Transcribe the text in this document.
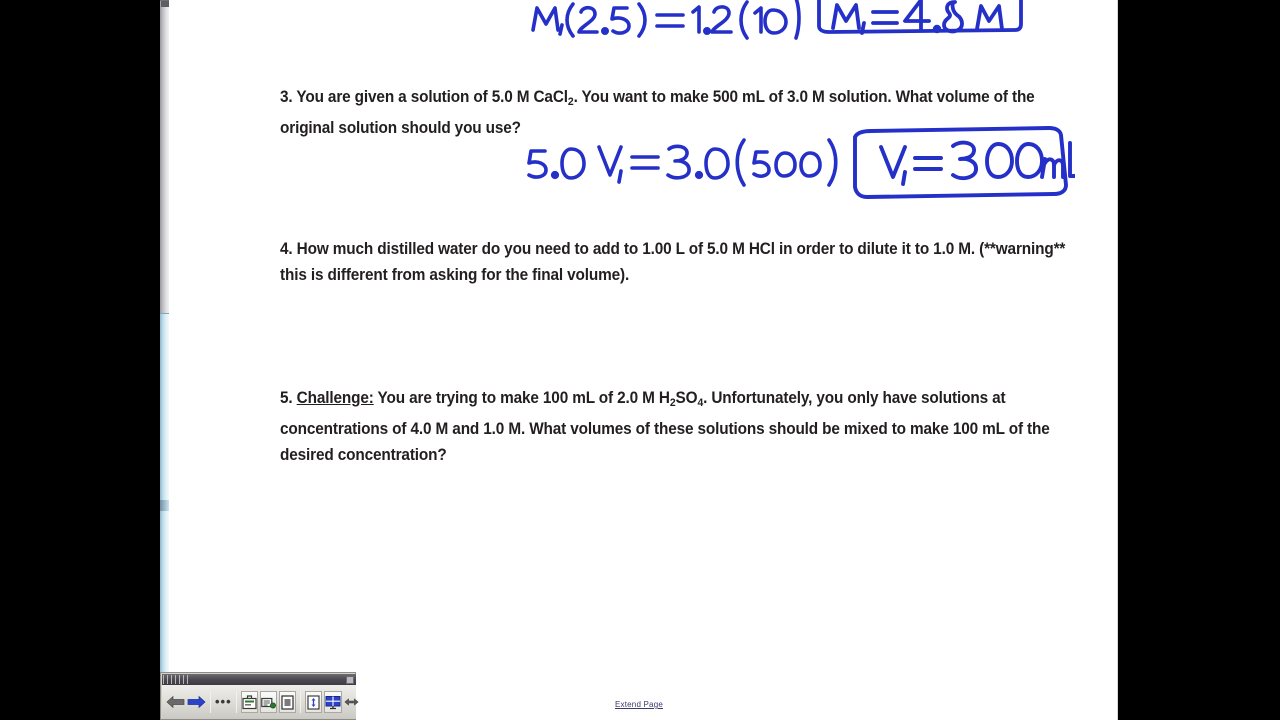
3. You are given a solution of 5.0 M CaCl$_2$. You want to make 500 mL of 3.0 M solution. What volume of the original solution should you use?
4. How much distilled water do you need to add to 1.00 L of 5.0 M HCl in order to dilute it to 1.0 M. (**warning** this is different from asking for the final volume).
5. Challenge: You are trying to make 100 mL of 2.0 M $H_2SO_4$. Unfortunately, you only have solutions at concentrations of 4.0 M and 1.0 M. What volumes of these solutions should be mixed to make 100 mL of the desired concentration?
Extend Page
•••
